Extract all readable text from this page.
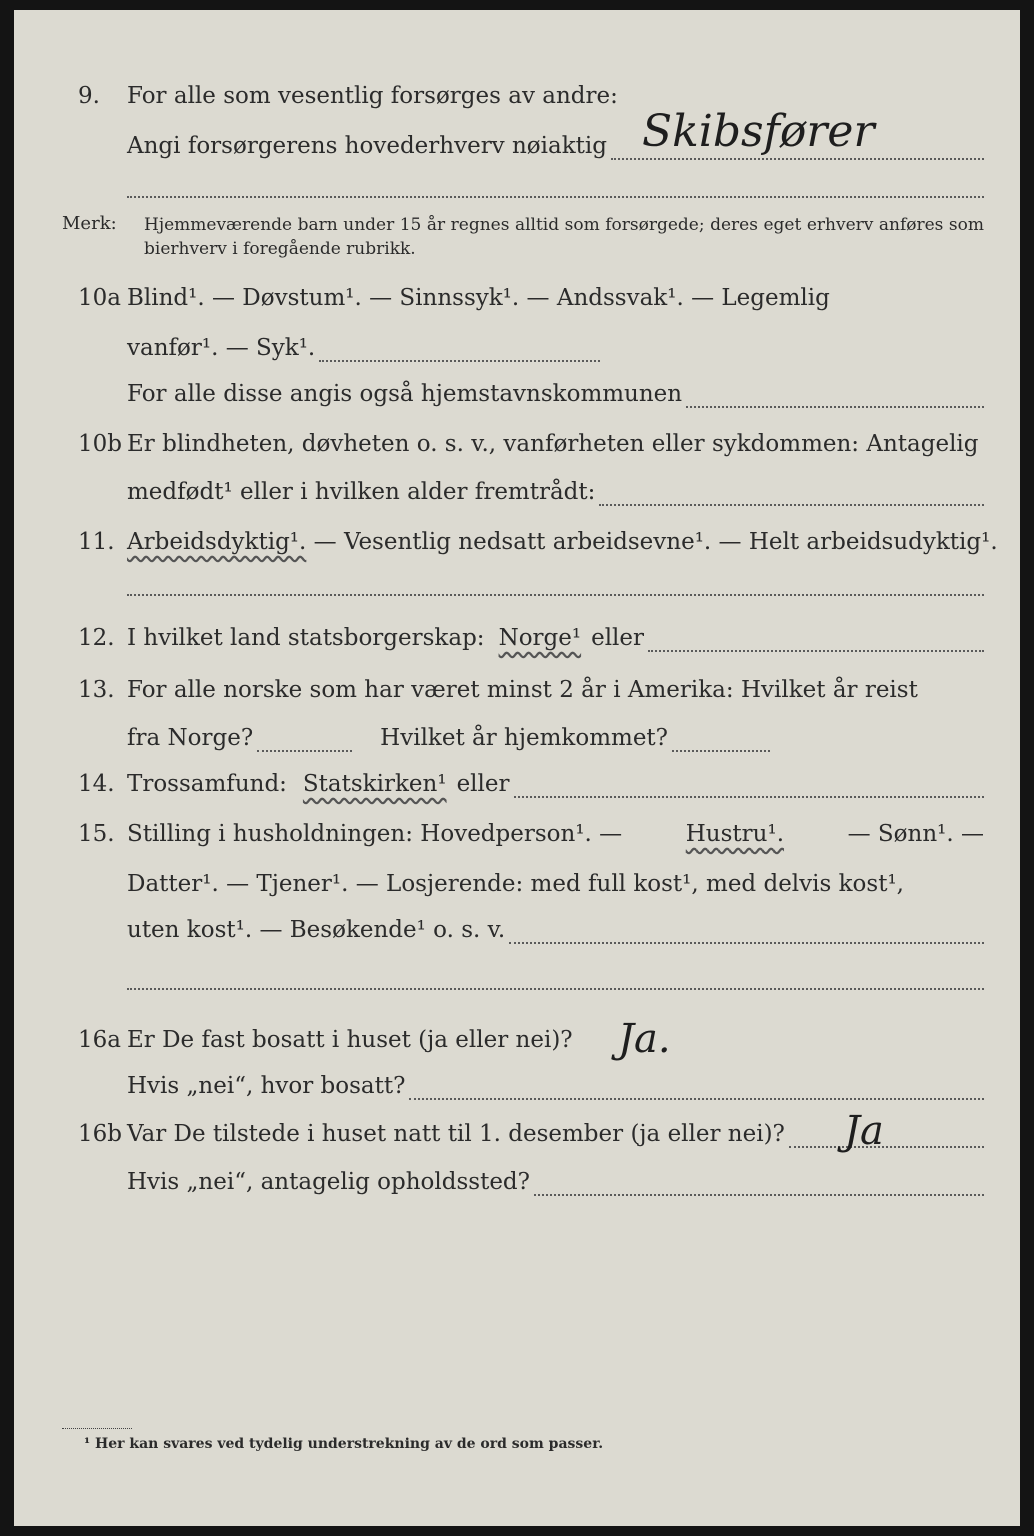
9. For alle som vesentlig forsørges av andre:
Angi forsørgerens hovederhverv nøiaktig Skibsfører
Merk: Hjemmeværende barn under 15 år regnes alltid som forsørgede; deres eget erhverv anføres som bierhverv i foregående rubrikk.
10a Blind¹. — Døvstum¹. — Sinnssyk¹. — Andssvak¹. — Legemlig
vanfør¹. — Syk¹.
For alle disse angis også hjemstavnskommunen
10b Er blindheten, døvheten o. s. v., vanførheten eller sykdommen: Antagelig
medfødt¹ eller i hvilken alder fremtrådt:
11. Arbeidsdyktig¹. — Vesentlig nedsatt arbeidsevne¹. — Helt arbeidsudyktig¹.
12. I hvilket land statsborgerskap: Norge¹ eller
13. For alle norske som har været minst 2 år i Amerika: Hvilket år reist
fra Norge?	Hvilket år hjemkommet?
14. Trossamfund: Statskirken¹ eller
15. Stilling i husholdningen: Hovedperson¹. —	Hustru¹.	— Sønn¹. —
Datter¹. — Tjener¹. — Losjerende: med full kost¹, med delvis kost¹,
uten kost¹. — Besøkende¹ o. s. v.
16a Er De fast bosatt i huset (ja eller nei)? Ja.
Hvis „nei“, hvor bosatt?
16b Var De tilstede i huset natt til 1. desember (ja eller nei)? Ja
Hvis „nei“, antagelig opholdssted?
¹ Her kan svares ved tydelig understrekning av de ord som passer.
